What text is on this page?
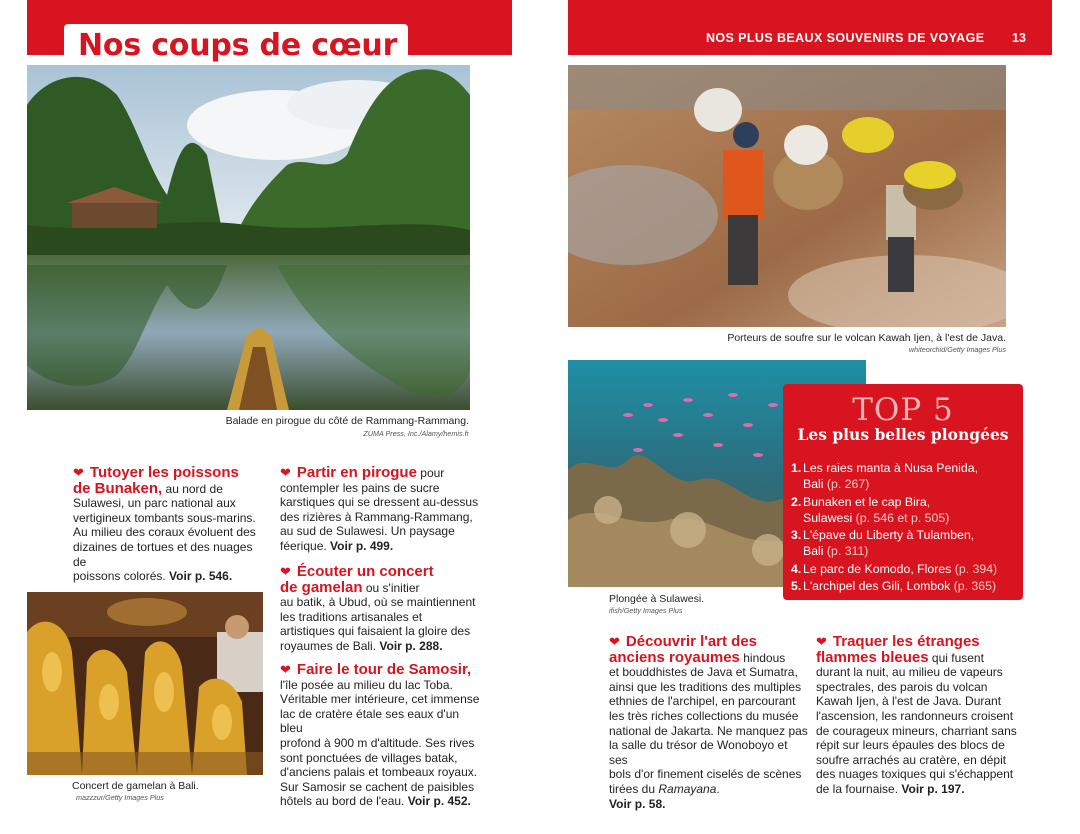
Nos coups de cœur	NOS PLUS BEAUX SOUVENIRS DE VOYAGE 13
Balade en pirogue du côté de Rammang-Rammang.
ZUMA Press, Inc./Alamy/hemis.fr
Porteurs de soufre sur le volcan Kawah Ijen, à l'est de Java.
whiteorchid/Getty Images Plus
Concert de gamelan à Bali.
mazzzur/Getty Images Plus
Plongée à Sulawesi.
ifish/Getty Images Plus
TOP 5
Les plus belles plongées
1. Les raies manta à Nusa Penida,
Bali (p. 267)
2. Bunaken et le cap Bira,
Sulawesi (p. 546 et p. 505)
3. L'épave du Liberty à Tulamben,
Bali (p. 311)
4. Le parc de Komodo, Flores (p. 394)
5. L'archipel des Gili, Lombok (p. 365)
❤ Tutoyer les poissons
de Bunaken, au nord de
Sulawesi, un parc national aux
vertigineux tombants sous-marins.
Au milieu des coraux évoluent des
dizaines de tortues et des nuages de
poissons colorés. Voir p. 546.
❤ Partir en pirogue pour
contempler les pains de sucre
karstiques qui se dressent au-dessus
des rizières à Rammang-Rammang,
au sud de Sulawesi. Un paysage
féerique. Voir p. 499.
❤ Écouter un concert
de gamelan ou s'initier
au batik, à Ubud, où se maintiennent
les traditions artisanales et
artistiques qui faisaient la gloire des
royaumes de Bali. Voir p. 288.
❤ Faire le tour de Samosir,
l'île posée au milieu du lac Toba.
Véritable mer intérieure, cet immense
lac de cratère étale ses eaux d'un bleu
profond à 900 m d'altitude. Ses rives
sont ponctuées de villages batak,
d'anciens palais et tombeaux royaux.
Sur Samosir se cachent de paisibles
hôtels au bord de l'eau. Voir p. 452.
❤ Découvrir l'art des
anciens royaumes hindous
et bouddhistes de Java et Sumatra,
ainsi que les traditions des multiples
ethnies de l'archipel, en parcourant
les très riches collections du musée
national de Jakarta. Ne manquez pas
la salle du trésor de Wonoboyo et ses
bols d'or finement ciselés de scènes
tirées du Ramayana.
Voir p. 58.
❤ Traquer les étranges
flammes bleues qui fusent
durant la nuit, au milieu de vapeurs
spectrales, des parois du volcan
Kawah Ijen, à l'est de Java. Durant
l'ascension, les randonneurs croisent
de courageux mineurs, charriant sans
répit sur leurs épaules des blocs de
soufre arrachés au cratère, en dépit
des nuages toxiques qui s'échappent
de la fournaise. Voir p. 197.
